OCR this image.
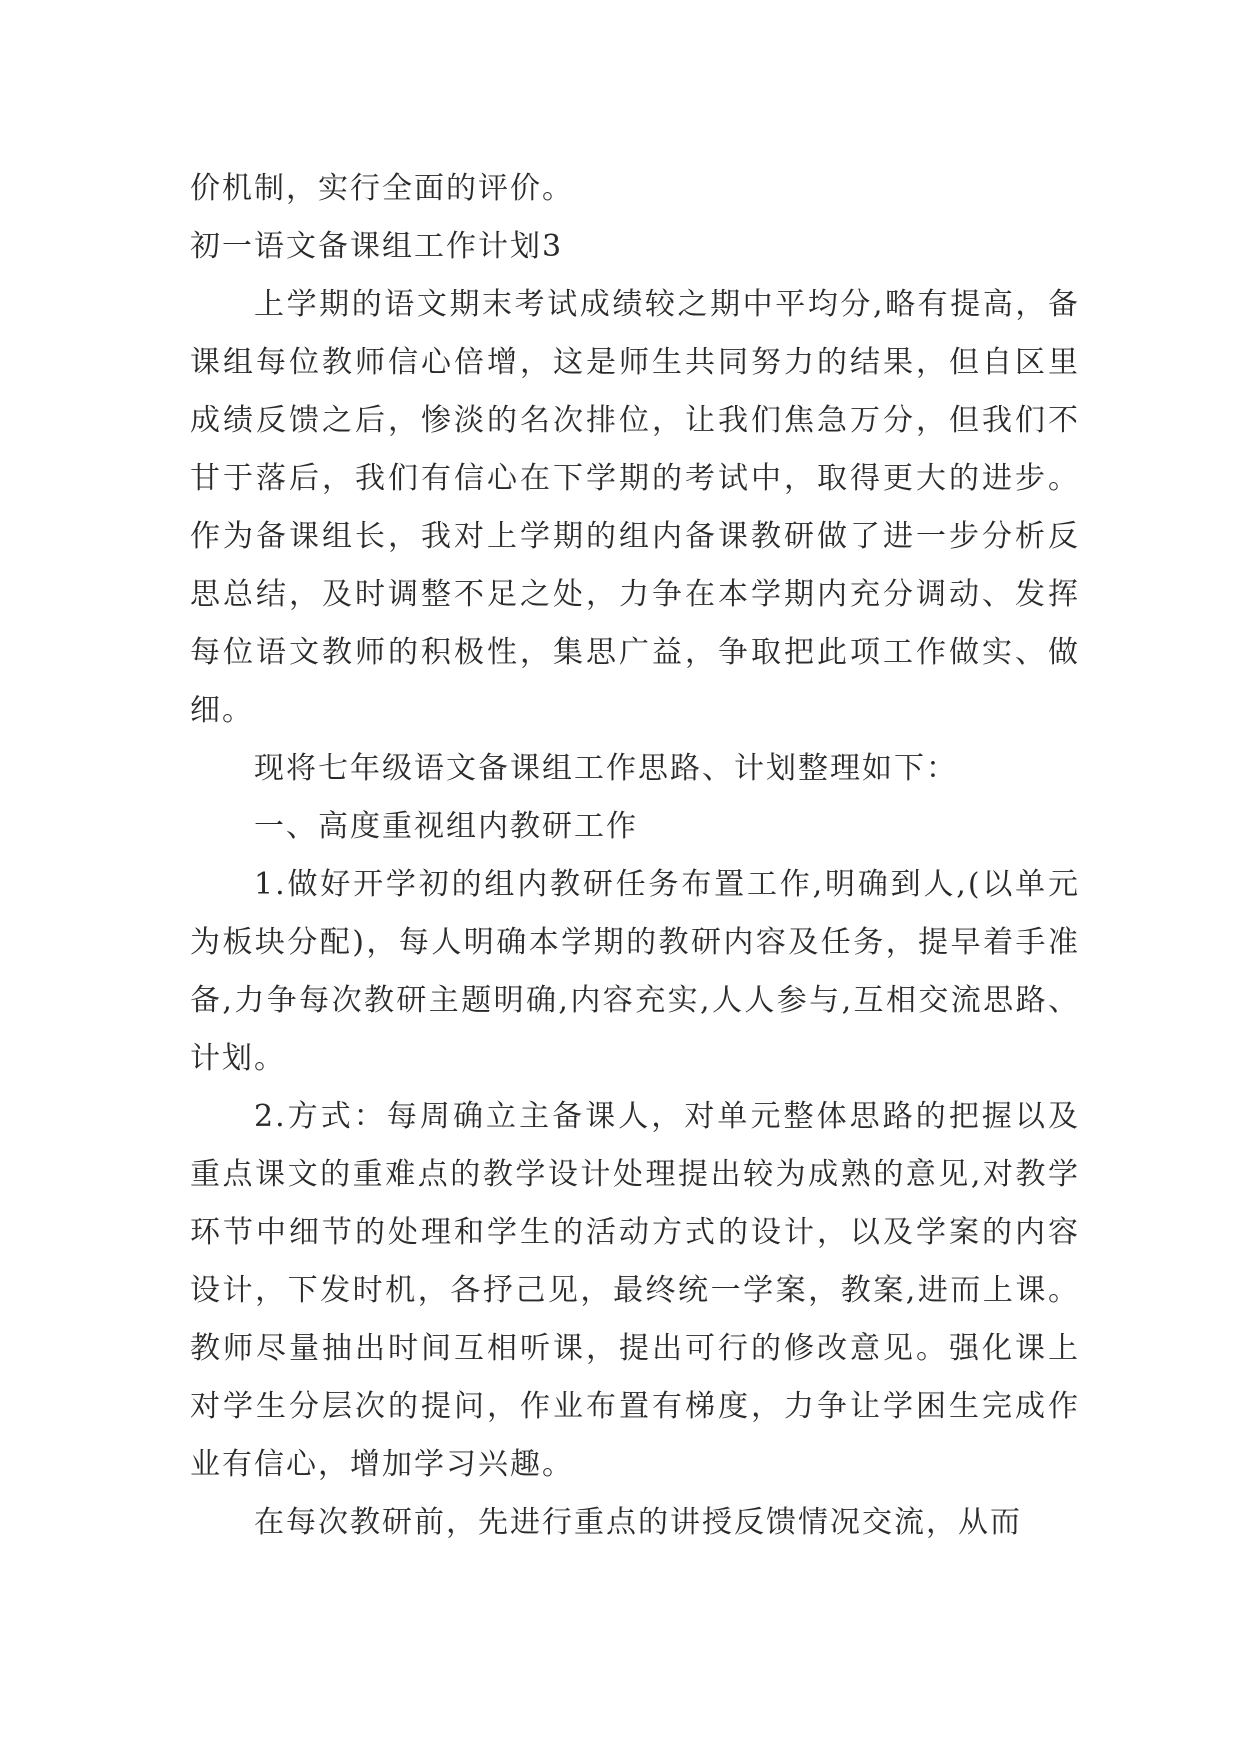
价机制，实行全面的评价。

初一语文备课组工作计划3

上学期的语文期末考试成绩较之期中平均分,略有提高，备课组每位教师信心倍增，这是师生共同努力的结果，但自区里成绩反馈之后，惨淡的名次排位，让我们焦急万分，但我们不甘于落后，我们有信心在下学期的考试中，取得更大的进步。作为备课组长，我对上学期的组内备课教研做了进一步分析反思总结，及时调整不足之处，力争在本学期内充分调动、发挥每位语文教师的积极性，集思广益，争取把此项工作做实、做细。

现将七年级语文备课组工作思路、计划整理如下：

一、高度重视组内教研工作

1.做好开学初的组内教研任务布置工作,明确到人,(以单元为板块分配)，每人明确本学期的教研内容及任务，提早着手准备,力争每次教研主题明确,内容充实,人人参与,互相交流思路、计划。

2.方式：每周确立主备课人，对单元整体思路的把握以及重点课文的重难点的教学设计处理提出较为成熟的意见,对教学环节中细节的处理和学生的活动方式的设计，以及学案的内容设计，下发时机，各抒己见，最终统一学案，教案,进而上课。教师尽量抽出时间互相听课，提出可行的修改意见。强化课上对学生分层次的提问，作业布置有梯度，力争让学困生完成作业有信心，增加学习兴趣。

在每次教研前，先进行重点的讲授反馈情况交流，从而
